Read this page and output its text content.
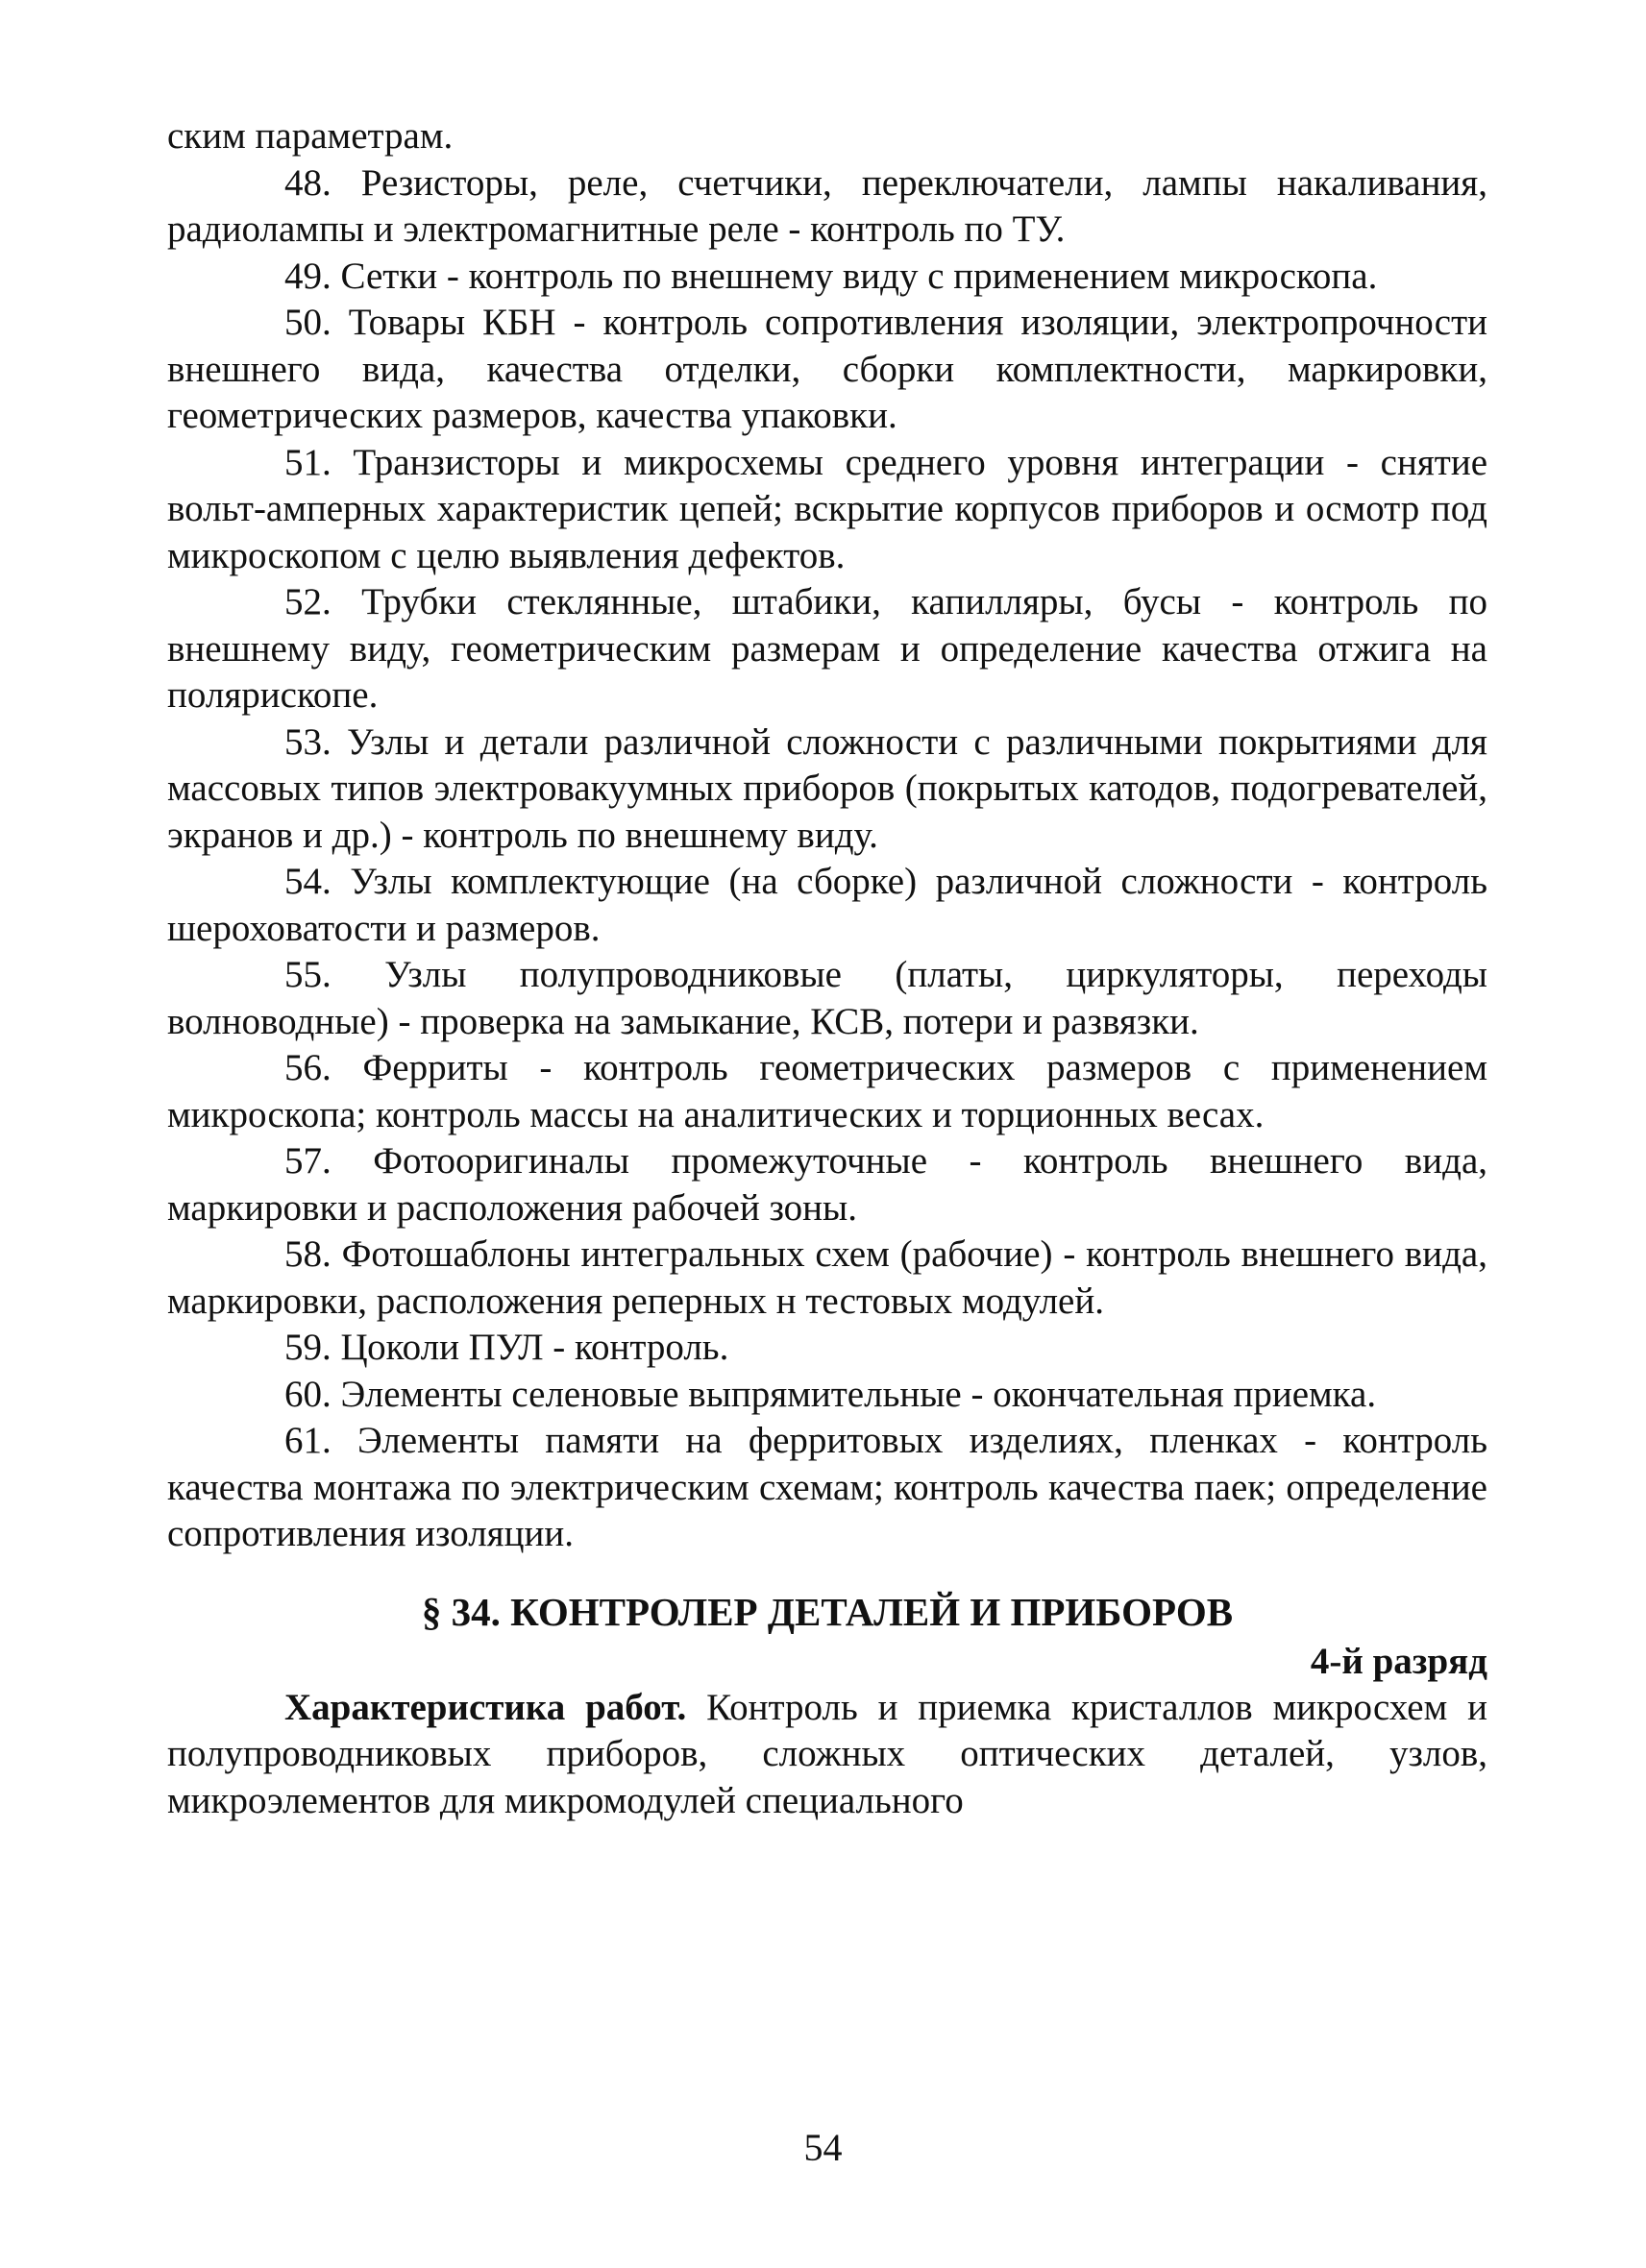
ским параметрам.

48. Резисторы, реле, счетчики, переключатели, лампы накаливания, радиолампы и электромагнитные реле - контроль по ТУ.

49. Сетки - контроль по внешнему виду с применением микроскопа.

50. Товары КБН - контроль сопротивления изоляции, электропрочности внешнего вида, качества отделки, сборки комплектности, маркировки, геометрических размеров, качества упаковки.

51. Транзисторы и микросхемы среднего уровня интеграции - снятие вольт-амперных характеристик цепей; вскрытие корпусов приборов и осмотр под микроскопом с целю выявления дефектов.

52. Трубки стеклянные, штабики, капилляры, бусы - контроль по внешнему виду, геометрическим размерам и определение качества отжига на полярископе.

53. Узлы и детали различной сложности с различными покрытиями для массовых типов электровакуумных приборов (покрытых катодов, подогревателей, экранов и др.) - контроль по внешнему виду.

54. Узлы комплектующие (на сборке) различной сложности - контроль шероховатости и размеров.

55. Узлы полупроводниковые (платы, циркуляторы, переходы волноводные) - проверка на замыкание, КСВ, потери и развязки.

56. Ферриты - контроль геометрических размеров с применением микроскопа; контроль массы на аналитических и торционных весах.

57. Фотооригиналы промежуточные - контроль внешнего вида, маркировки и расположения рабочей зоны.

58. Фотошаблоны интегральных схем (рабочие) - контроль внешнего вида, маркировки, расположения реперных н тестовых модулей.

59. Цоколи ПУЛ - контроль.

60. Элементы селеновые выпрямительные - окончательная приемка.

61. Элементы памяти на ферритовых изделиях, пленках - контроль качества монтажа по электрическим схемам; контроль качества паек; определение сопротивления изоляции.

§ 34. КОНТРОЛЕР ДЕТАЛЕЙ И ПРИБОРОВ

4-й разряд

Характеристика работ. Контроль и приемка кристаллов микросхем и полупроводниковых приборов, сложных оптических деталей, узлов, микроэлементов для микромодулей специального

54
